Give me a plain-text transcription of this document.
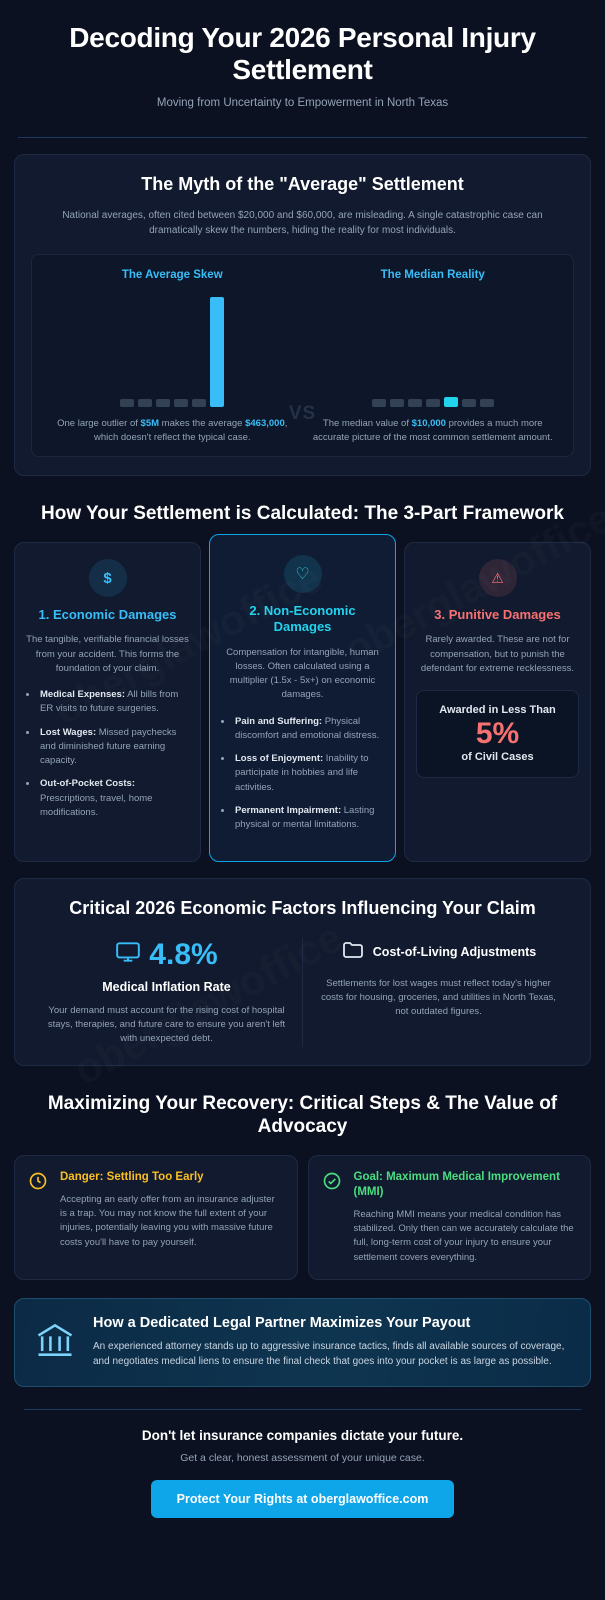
Decoding Your 2026 Personal Injury Settlement
Moving from Uncertainty to Empowerment in North Texas
The Myth of the "Average" Settlement
National averages, often cited between $20,000 and $60,000, are misleading. A single catastrophic case can dramatically skew the numbers, hiding the reality for most individuals.
VS
The Average Skew
One large outlier of $5M makes the average $463,000, which doesn't reflect the typical case.
The Median Reality
The median value of $10,000 provides a much more accurate picture of the most common settlement amount.
How Your Settlement is Calculated: The 3-Part Framework
$
1. Economic Damages
The tangible, verifiable financial losses from your accident. This forms the foundation of your claim.
• Medical Expenses: All bills from ER visits to future surgeries.
• Lost Wages: Missed paychecks and diminished future earning capacity.
• Out-of-Pocket Costs: Prescriptions, travel, home modifications.
♡
2. Non-Economic Damages
Compensation for intangible, human losses. Often calculated using a multiplier (1.5x - 5x+) on economic damages.
• Pain and Suffering: Physical discomfort and emotional distress.
• Loss of Enjoyment: Inability to participate in hobbies and life activities.
• Permanent Impairment: Lasting physical or mental limitations.
⚠
3. Punitive Damages
Rarely awarded. These are not for compensation, but to punish the defendant for extreme recklessness.
Awarded in Less Than
5%
of Civil Cases
Critical 2026 Economic Factors Influencing Your Claim
4.8%
Medical Inflation Rate

Your demand must account for the rising cost of hospital stays, therapies, and future care to ensure you aren't left with unexpected debt.

Cost-of-Living Adjustments

Settlements for lost wages must reflect today's higher costs for housing, groceries, and utilities in North Texas, not outdated figures.

Maximizing Your Recovery: Critical Steps & The Value of Advocacy
Danger: Settling Too Early

Accepting an early offer from an insurance adjuster is a trap. You may not know the full extent of your injuries, potentially leaving you with massive future costs you'll have to pay yourself.

Goal: Maximum Medical Improvement (MMI)

Reaching MMI means your medical condition has stabilized. Only then can we accurately calculate the full, long-term cost of your injury to ensure your settlement covers everything.

How a Dedicated Legal Partner Maximizes Your Payout

An experienced attorney stands up to aggressive insurance tactics, finds all available sources of coverage, and negotiates medical liens to ensure the final check that goes into your pocket is as large as possible.

Don't let insurance companies dictate your future.

Get a clear, honest assessment of your unique case.

Protect Your Rights at oberglawoffice.com
